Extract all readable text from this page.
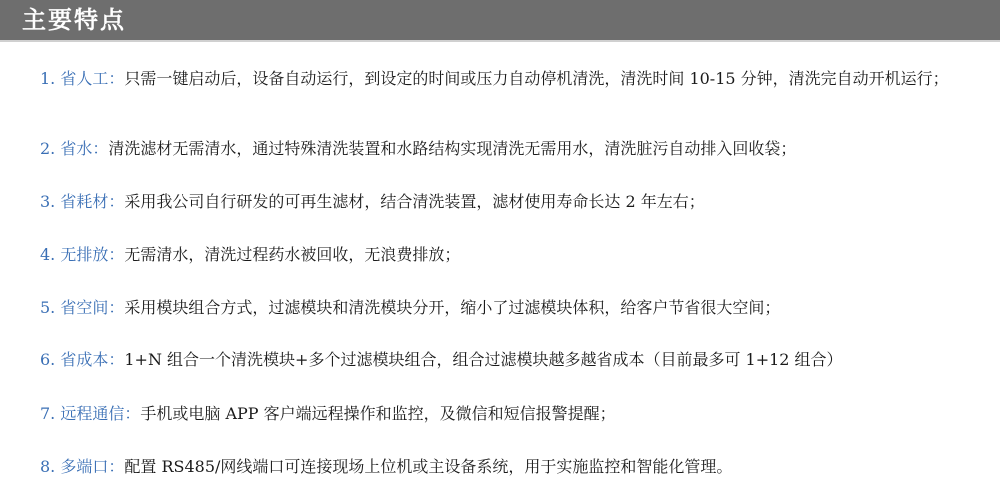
主要特点
1. 省人工：只需一键启动后，设备自动运行，到设定的时间或压力自动停机清洗，清洗时间 10-15 分钟，清洗完自动开机运行；
2. 省水：清洗滤材无需清水，通过特殊清洗装置和水路结构实现清洗无需用水，清洗脏污自动排入回收袋；
3. 省耗材：采用我公司自行研发的可再生滤材，结合清洗装置，滤材使用寿命长达 2 年左右；
4. 无排放：无需清水，清洗过程药水被回收，无浪费排放；
5. 省空间：采用模块组合方式，过滤模块和清洗模块分开，缩小了过滤模块体积，给客户节省很大空间；
6. 省成本：1+N 组合一个清洗模块+多个过滤模块组合，组合过滤模块越多越省成本（目前最多可 1+12 组合）
7. 远程通信：手机或电脑 APP 客户端远程操作和监控，及微信和短信报警提醒；
8. 多端口：配置 RS485/网线端口可连接现场上位机或主设备系统，用于实施监控和智能化管理。
